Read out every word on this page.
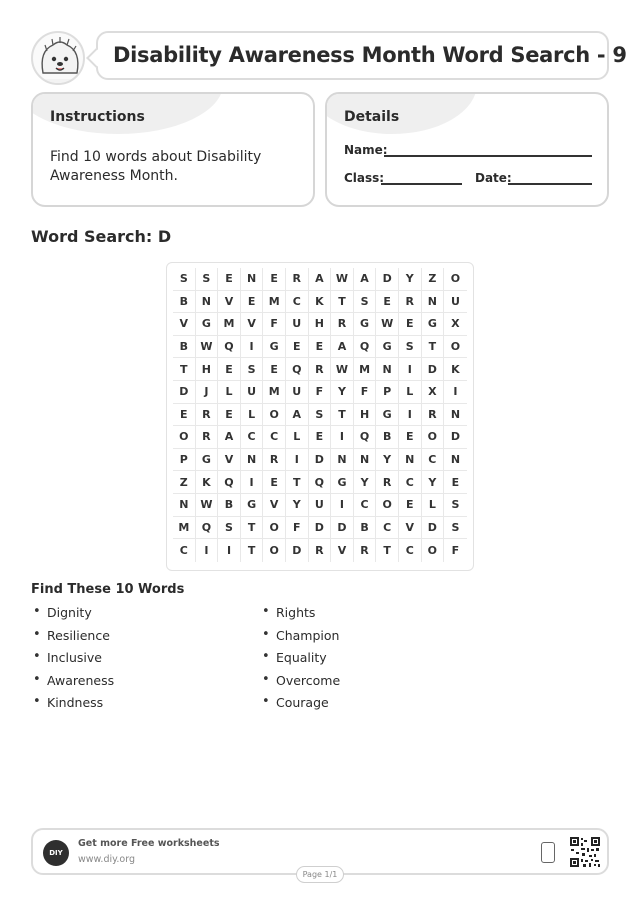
Disability Awareness Month Word Search - 9
Instructions
Find 10 words about Disability Awareness Month.
Details
Name:
Class:	Date:
Word Search: D
S	S	E	N	E	R	A	W	A	D	Y	Z	O
B	N	V	E	M	C	K	T	S	E	R	N	U
V	G	M	V	F	U	H	R	G	W	E	G	X
B	W	Q	I	G	E	E	A	Q	G	S	T	O
T	H	E	S	E	Q	R	W	M	N	I	D	K
D	J	L	U	M	U	F	Y	F	P	L	X	I
E	R	E	L	O	A	S	T	H	G	I	R	N
O	R	A	C	C	L	E	I	Q	B	E	O	D
P	G	V	N	R	I	D	N	N	Y	N	C	N
Z	K	Q	I	E	T	Q	G	Y	R	C	Y	E
N	W	B	G	V	Y	U	I	C	O	E	L	S
M	Q	S	T	O	F	D	D	B	C	V	D	S
C	I	I	T	O	D	R	V	R	T	C	O	F
Find These 10 Words
• Dignity
• Resilience
• Inclusive
• Awareness
• Kindness
• Rights
• Champion
• Equality
• Overcome
• Courage
DIY
Get more Free worksheets
www.diy.org
Page 1/1
